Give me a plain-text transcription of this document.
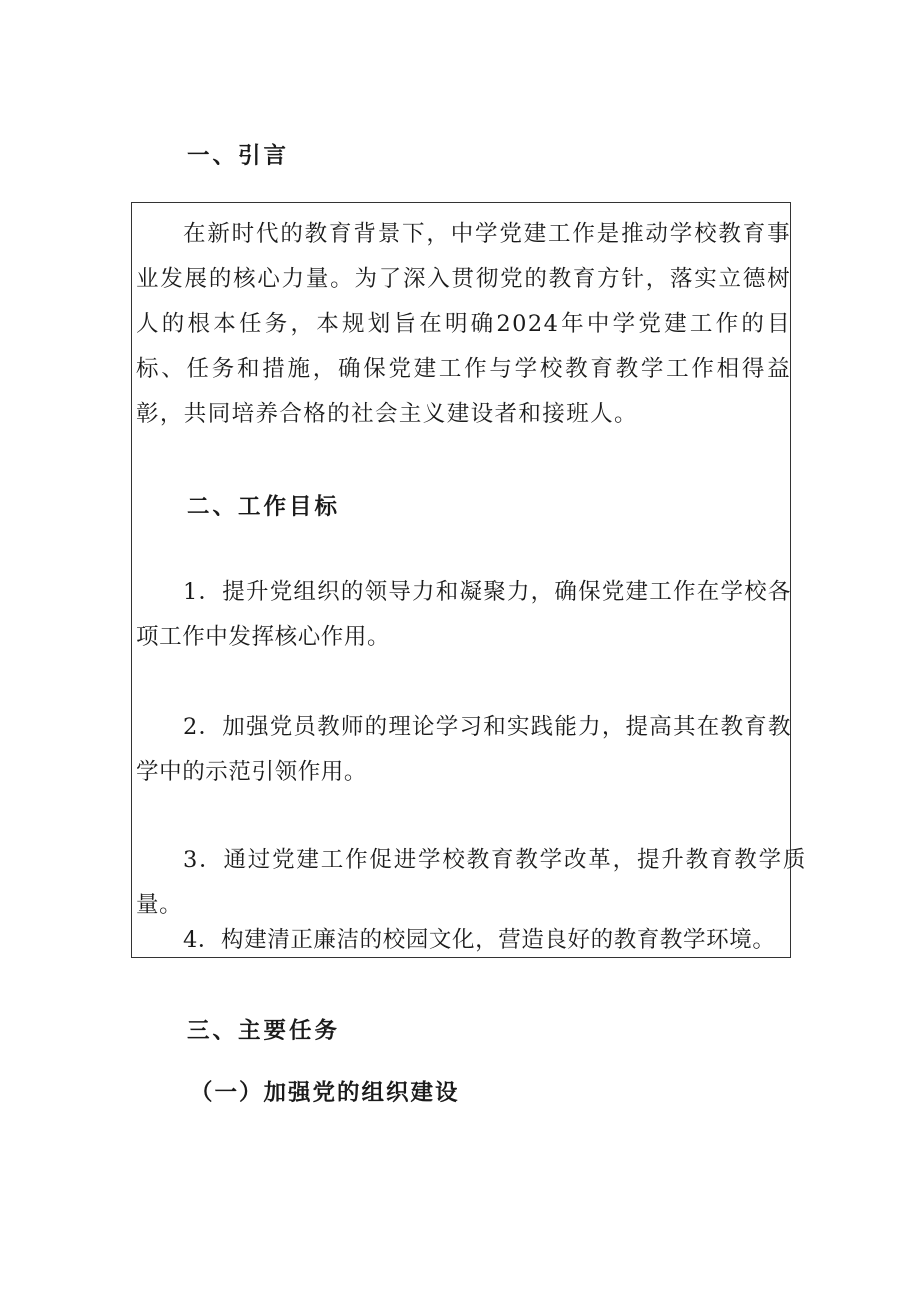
一、引言

在新时代的教育背景下，中学党建工作是推动学校教育事业发展的核心力量。为了深入贯彻党的教育方针，落实立德树人的根本任务，本规划旨在明确2024年中学党建工作的目标、任务和措施，确保党建工作与学校教育教学工作相得益彰，共同培养合格的社会主义建设者和接班人。

二、工作目标

1．提升党组织的领导力和凝聚力，确保党建工作在学校各项工作中发挥核心作用。

2．加强党员教师的理论学习和实践能力，提高其在教育教学中的示范引领作用。

3．通过党建工作促进学校教育教学改革，提升教育教学质量。

4．构建清正廉洁的校园文化，营造良好的教育教学环境。

三、主要任务
（一）加强党的组织建设
